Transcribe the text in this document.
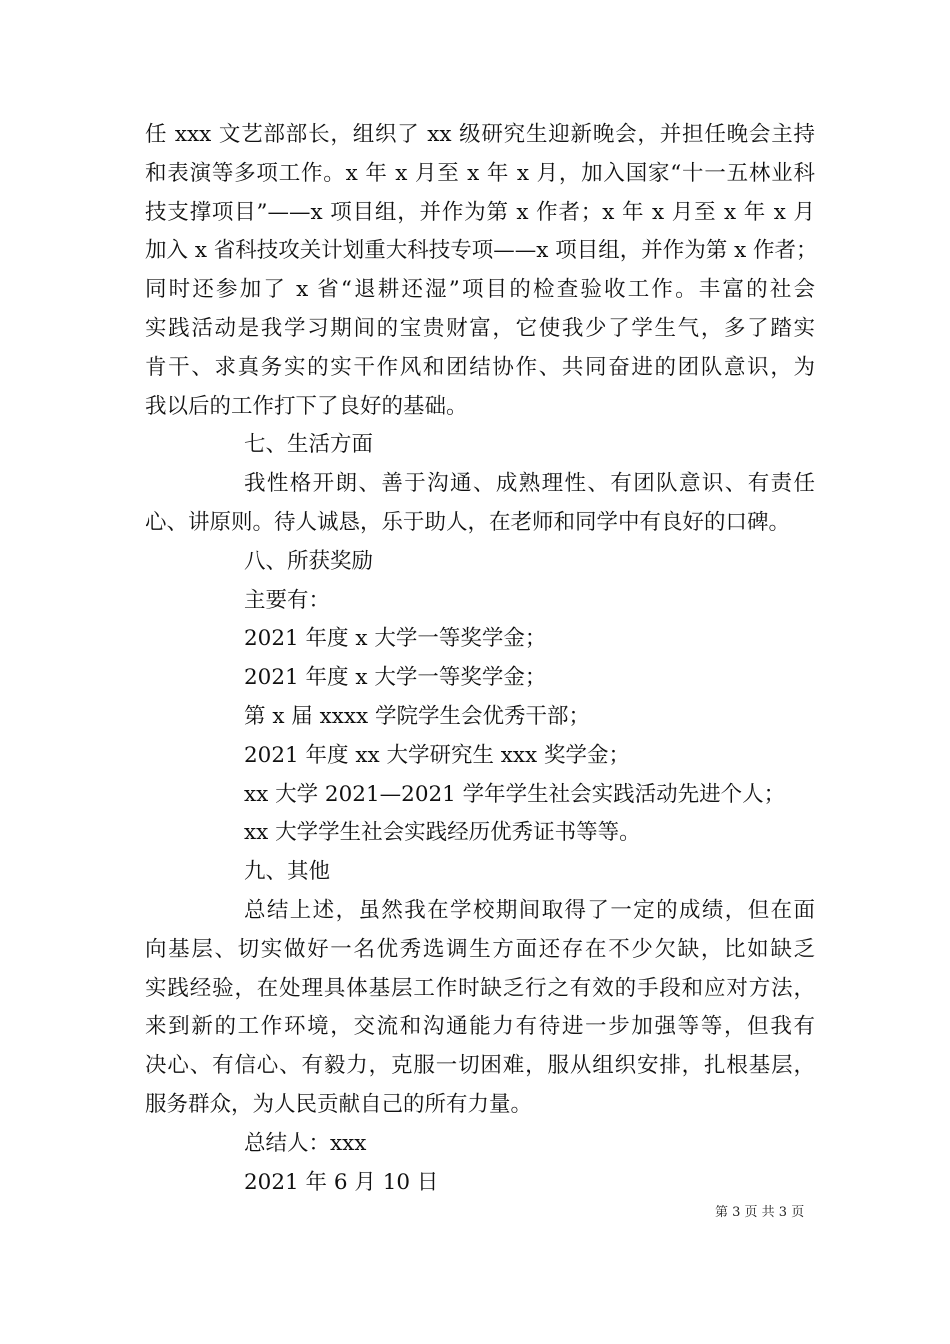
任 xxx 文艺部部长，组织了 xx 级研究生迎新晚会，并担任晚会主持
和表演等多项工作。x 年 x 月至 x 年 x 月，加入国家“十一五林业科
技支撑项目”——x 项目组，并作为第 x 作者；x 年 x 月至 x 年 x 月
加入 x 省科技攻关计划重大科技专项——x 项目组，并作为第 x 作者；
同时还参加了 x 省“退耕还湿”项目的检查验收工作。丰富的社会
实践活动是我学习期间的宝贵财富，它使我少了学生气，多了踏实
肯干、求真务实的实干作风和团结协作、共同奋进的团队意识，为
我以后的工作打下了良好的基础。
七、生活方面
我性格开朗、善于沟通、成熟理性、有团队意识、有责任
心、讲原则。待人诚恳，乐于助人，在老师和同学中有良好的口碑。
八、所获奖励
主要有：
2021 年度 x 大学一等奖学金；
2021 年度 x 大学一等奖学金；
第 x 届 xxxx 学院学生会优秀干部；
2021 年度 xx 大学研究生 xxx 奖学金；
xx 大学 2021—2021 学年学生社会实践活动先进个人；
xx 大学学生社会实践经历优秀证书等等。
九、其他
总结上述，虽然我在学校期间取得了一定的成绩，但在面
向基层、切实做好一名优秀选调生方面还存在不少欠缺，比如缺乏
实践经验，在处理具体基层工作时缺乏行之有效的手段和应对方法，
来到新的工作环境，交流和沟通能力有待进一步加强等等，但我有
决心、有信心、有毅力，克服一切困难，服从组织安排，扎根基层，
服务群众，为人民贡献自己的所有力量。
总结人：xxx
2021 年 6 月 10 日
第 3 页 共 3 页
